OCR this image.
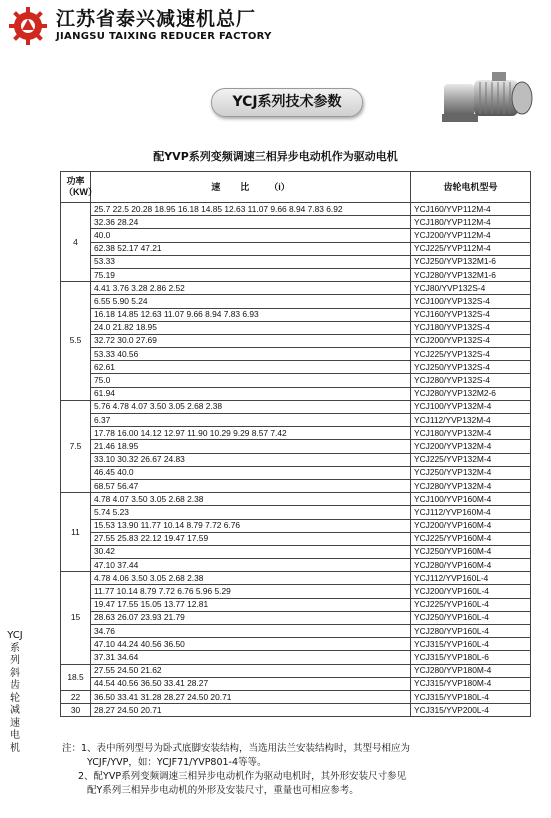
江苏省泰兴减速机总厂
JIANGSU TAIXING REDUCER FACTORY
YCJ系列技术参数
配YVP系列变频调速三相异步电动机作为驱动电机
功率
（KW）	速        比        （i）	齿轮电机型号
4	25.7 22.5 20.28 18.95 16.18 14.85 12.63 11.07 9.66 8.94 7.83 6.92	YCJ160/YVP112M-4
	32.36 28.24	YCJ180/YVP112M-4
	40.0	YCJ200/YVP112M-4
	62.38 52.17 47.21	YCJ225/YVP112M-4
	53.33	YCJ250/YVP132M1-6
	75.19	YCJ280/YVP132M1-6
5.5	4.41 3.76 3.28 2.86 2.52	YCJ80/YVP132S-4
	6.55 5.90 5.24	YCJ100/YVP132S-4
	16.18 14.85 12.63 11.07 9.66 8.94 7.83 6.93	YCJ160/YVP132S-4
	24.0 21.82 18.95	YCJ180/YVP132S-4
	32.72 30.0 27.69	YCJ200/YVP132S-4
	53.33 40.56	YCJ225/YVP132S-4
	62.61	YCJ250/YVP132S-4
	75.0	YCJ280/YVP132S-4
	61.94	YCJ280/YVP132M2-6
7.5	5.76 4.78 4.07 3.50 3.05 2.68 2.38	YCJ100/YVP132M-4
	6.37	YCJ112/YVP132M-4
	17.78 16.00 14.12 12.97 11.90 10.29 9.29 8.57 7.42	YCJ180/YVP132M-4
	21.46 18.95	YCJ200/YVP132M-4
	33.10 30.32 26.67 24.83	YCJ225/YVP132M-4
	46.45 40.0	YCJ250/YVP132M-4
	68.57 56.47	YCJ280/YVP132M-4
11	4.78 4.07 3.50 3.05 2.68 2.38	YCJ100/YVP160M-4
	5.74 5.23	YCJ112/YVP160M-4
	15.53 13.90 11.77 10.14 8.79 7.72 6.76	YCJ200/YVP160M-4
	27.55 25.83 22.12 19.47 17.59	YCJ225/YVP160M-4
	30.42	YCJ250/YVP160M-4
	47.10 37.44	YCJ280/YVP160M-4
15	4.78 4.06 3.50 3.05 2.68 2.38	YCJ112/YVP160L-4
	11.77 10.14 8.79 7.72 6.76 5.96 5.29	YCJ200/YVP160L-4
	19.47 17.55 15.05 13.77 12.81	YCJ225/YVP160L-4
	28.63 26.07 23.93 21.79	YCJ250/YVP160L-4
	34.76	YCJ280/YVP160L-4
	47.10 44.24 40.56 36.50	YCJ315/YVP160L-4
	37.31 34.64	YCJ315/YVP180L-6
18.5	27.55 24.50 21.62	YCJ280/YVP180M-4
	44.54 40.56 36.50 33.41 28.27	YCJ315/YVP180M-4
22	36.50 33.41 31.28 28.27 24.50 20.71	YCJ315/YVP180L-4
30	28.27 24.50 20.71	YCJ315/YVP200L-4
YCJ
系
列
斜
齿
轮
减
速
电
机	注：1、表中所列型号为卧式底脚安装结构，当选用法兰安装结构时，其型号相应为

YCJF/YVP，如：YCJF71/YVP801-4等等。

2、配YVP系列变频调速三相异步电动机作为驱动电机时，其外形安装尺寸参见

配Y系列三相异步电动机的外形及安装尺寸，重量也可相应参考。
